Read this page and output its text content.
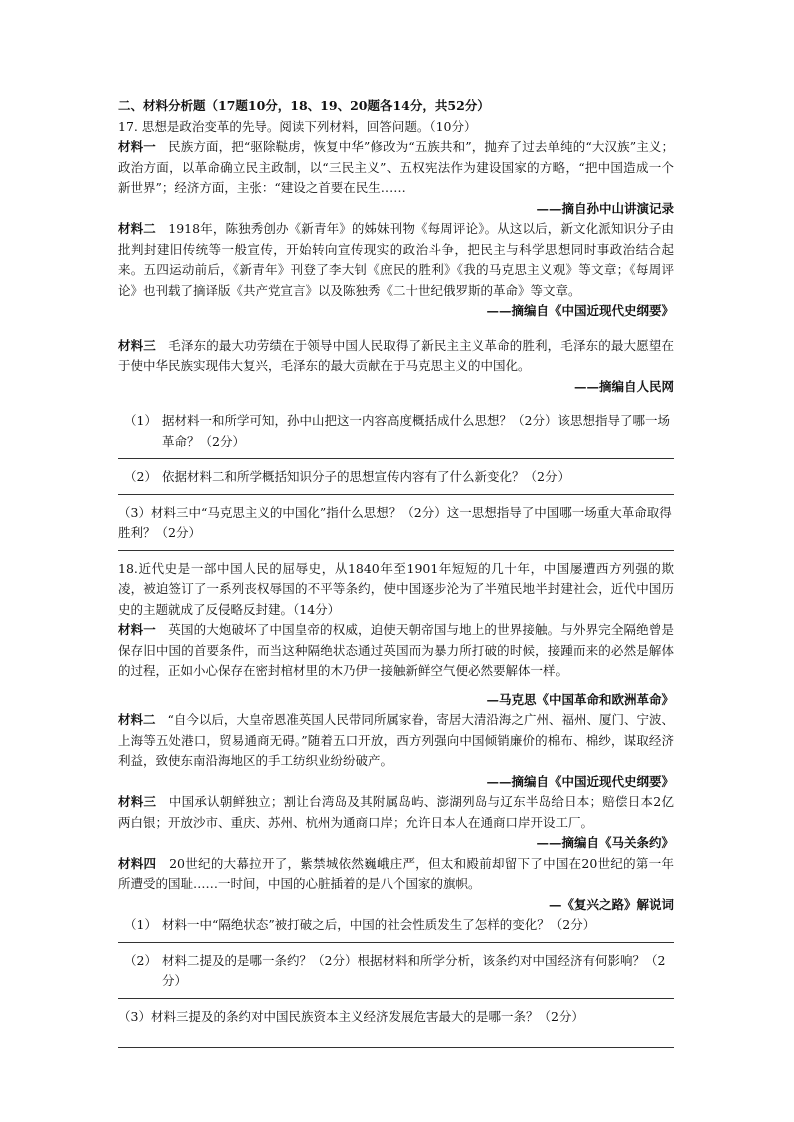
二、材料分析题（17题10分，18、19、20题各14分，共52分）
17. 思想是政治变革的先导。阅读下列材料，回答问题。（10分）
材料一 民族方面，把“驱除鞑虏，恢复中华”修改为“五族共和”，抛弃了过去单纯的“大汉族”主义；政治方面，以革命确立民主政制，以“三民主义”、五权宪法作为建设国家的方略，“把中国造成一个新世界”；经济方面，主张：“建设之首要在民生……
——摘自孙中山讲演记录
材料二 1918年，陈独秀创办《新青年》的姊妹刊物《每周评论》。从这以后，新文化派知识分子由批判封建旧传统等一般宣传，开始转向宣传现实的政治斗争，把民主与科学思想同时事政治结合起来。五四运动前后，《新青年》刊登了李大钊《庶民的胜利》《我的马克思主义观》等文章；《每周评论》也刊载了摘译版《共产党宣言》以及陈独秀《二十世纪俄罗斯的革命》等文章。
——摘编自《中国近现代史纲要》
材料三 毛泽东的最大功劳绩在于领导中国人民取得了新民主主义革命的胜利，毛泽东的最大愿望在于使中华民族实现伟大复兴，毛泽东的最大贡献在于马克思主义的中国化。
——摘编自人民网
（1） 据材料一和所学可知，孙中山把这一内容高度概括成什么思想？（2分）该思想指导了哪一场革命？（2分）
（2） 依据材料二和所学概括知识分子的思想宣传内容有了什么新变化？（2分）
（3）材料三中“马克思主义的中国化”指什么思想？（2分）这一思想指导了中国哪一场重大革命取得胜利？（2分）
18.近代史是一部中国人民的屈辱史，从1840年至1901年短短的几十年，中国屡遭西方列强的欺凌，被迫签订了一系列丧权辱国的不平等条约，使中国逐步沦为了半殖民地半封建社会，近代中国历史的主题就成了反侵略反封建。（14分）
材料一 英国的大炮破坏了中国皇帝的权威，迫使天朝帝国与地上的世界接触。与外界完全隔绝曾是保存旧中国的首要条件，而当这种隔绝状态通过英国而为暴力所打破的时候，接踵而来的必然是解体的过程，正如小心保存在密封棺材里的木乃伊一接触新鲜空气便必然要解体一样。
—马克思《中国革命和欧洲革命》
材料二 “自今以后，大皇帝恩准英国人民带同所属家眷，寄居大清沿海之广州、福州、厦门、宁波、上海等五处港口，贸易通商无碍。”随着五口开放，西方列强向中国倾销廉价的棉布、棉纱，谋取经济利益，致使东南沿海地区的手工纺织业纷纷破产。
——摘编自《中国近现代史纲要》
材料三 中国承认朝鲜独立；割让台湾岛及其附属岛屿、澎湖列岛与辽东半岛给日本；赔偿日本2亿两白银；开放沙市、重庆、苏州、杭州为通商口岸；允许日本人在通商口岸开设工厂。
——摘编自《马关条约》
材料四 20世纪的大幕拉开了，紫禁城依然巍峨庄严，但太和殿前却留下了中国在20世纪的第一年所遭受的国耻……一时间，中国的心脏插着的是八个国家的旗帜。
—《复兴之路》解说词
（1） 材料一中“隔绝状态”被打破之后，中国的社会性质发生了怎样的变化？（2分）
（2） 材料二提及的是哪一条约？（2分）根据材料和所学分析，该条约对中国经济有何影响？（2分）
（3）材料三提及的条约对中国民族资本主义经济发展危害最大的是哪一条？（2分）
